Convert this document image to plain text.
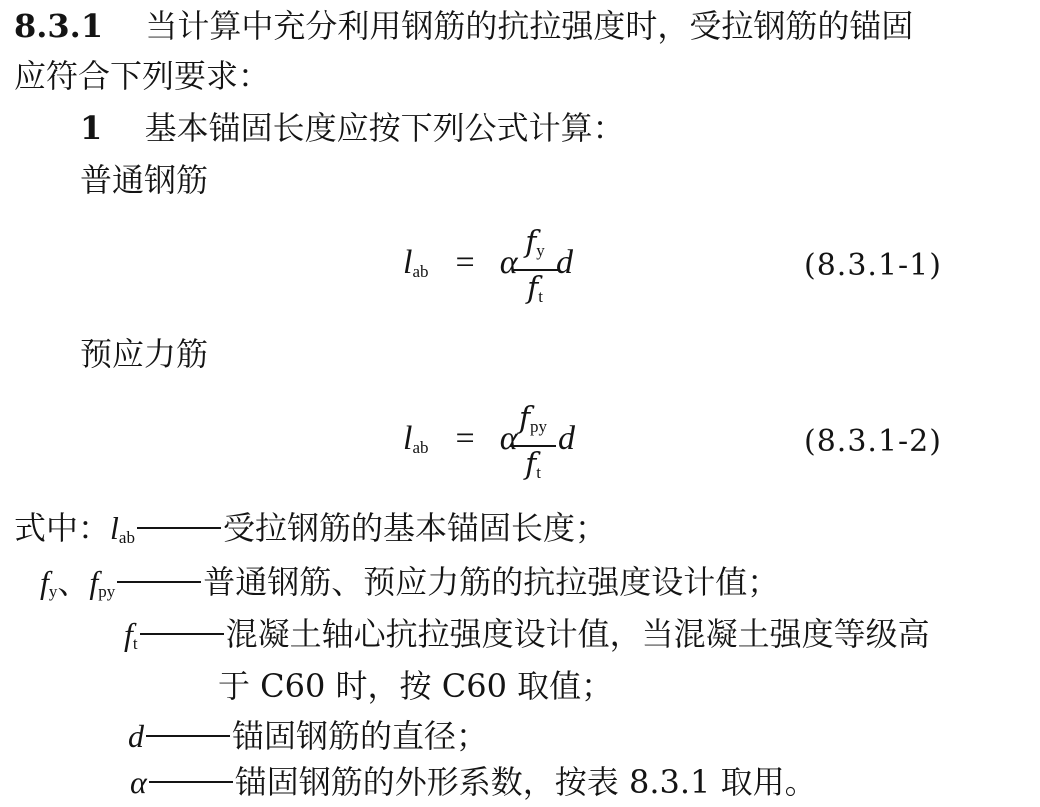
8.3.1 当计算中充分利用钢筋的抗拉强度时，受拉钢筋的锚固
应符合下列要求：
1 基本锚固长度应按下列公式计算：
普通钢筋
$l_{ab} = \alpha$
$f_y$
$f_t$
d	(8.3.1-1)
预应力筋
$l_{ab} = \alpha$
$f_{py}$
$f_t$
d	(8.3.1-2)
式中：$l_{ab}$	受拉钢筋的基本锚固长度；
$f_y$、$f_{py}$	普通钢筋、预应力筋的抗拉强度设计值；
$f_t$	混凝土轴心抗拉强度设计值，当混凝土强度等级高
于 C60 时，按 C60 取值；
d	锚固钢筋的直径；
α	锚固钢筋的外形系数，按表 8.3.1 取用。
